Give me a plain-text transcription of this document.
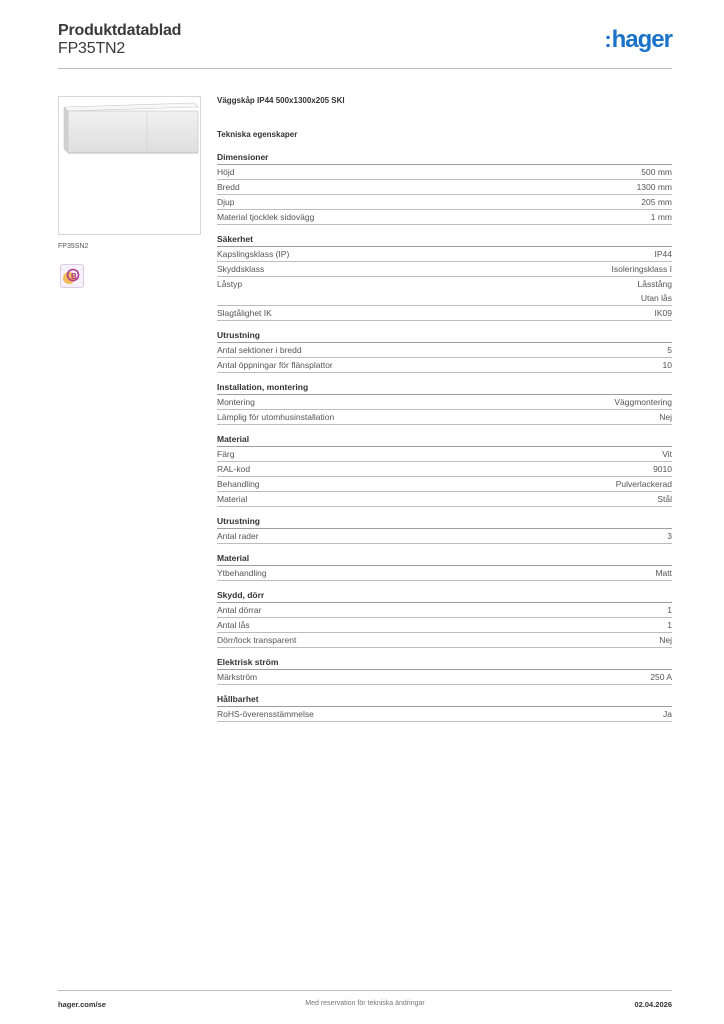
Produktdatablad
FP35TN2	:hager
FP35SN2
B
Väggskåp IP44 500x1300x205 SKI
Tekniska egenskaper
Dimensioner
Höjd	500 mm
Bredd	1300 mm
Djup	205 mm
Material tjocklek sidovägg	1 mm
Säkerhet
Kapslingsklass (IP)	IP44
Skyddsklass	Isoleringsklass I
Låstyp	Låsstång
Utan lås
Slagtålighet IK	IK09
Utrustning
Antal sektioner i bredd	5
Antal öppningar för flänsplattor	10
Installation, montering
Montering	Väggmontering
Lämplig för utomhusinstallation	Nej
Material
Färg	Vit
RAL-kod	9010
Behandling	Pulverlackerad
Material	Stål
Utrustning
Antal rader	3
Material
Ytbehandling	Matt
Skydd, dörr
Antal dörrar	1
Antal lås	1
Dörr/lock transparent	Nej
Elektrisk ström
Märkström	250 A
Hållbarhet
RoHS-överensstämmelse	Ja
hager.com/se	Med reservation för tekniska ändringar	02.04.2026
